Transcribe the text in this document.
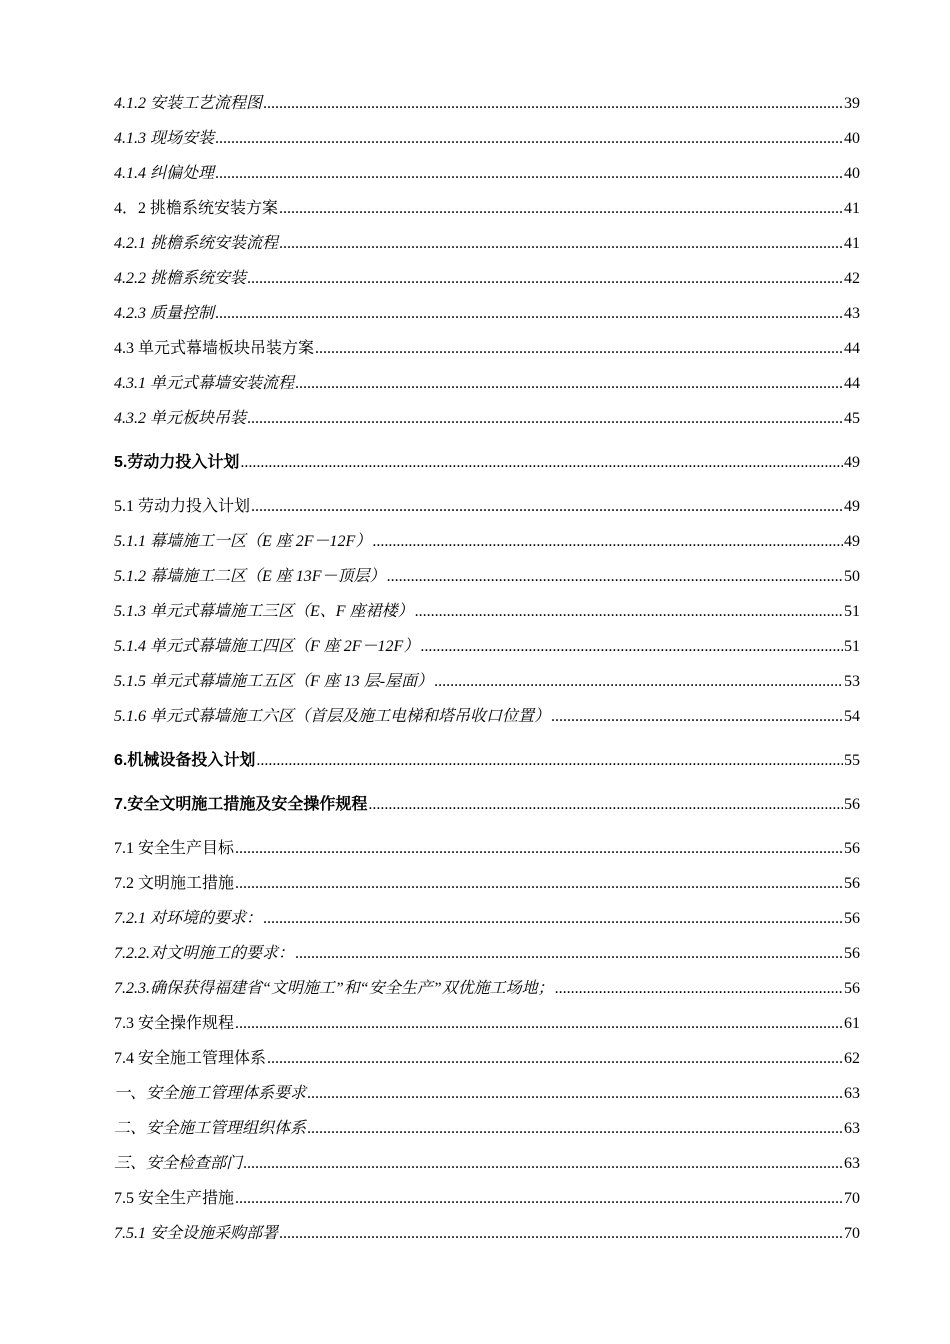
4.1.2 安装工艺流程图 .....	39
4.1.3 现场安装 .....	40
4.1.4 纠偏处理 .....	40
4．2 挑檐系统安装方案 .....	41
4.2.1 挑檐系统安装流程 .....	41
4.2.2 挑檐系统安装 .....	42
4.2.3 质量控制 .....	43
4.3 单元式幕墙板块吊装方案 .....	44
4.3.1 单元式幕墙安装流程 .....	44
4.3.2 单元板块吊装 .....	45
5.劳动力投入计划 .....	49
5.1 劳动力投入计划 .....	49
5.1.1 幕墙施工一区（E 座 2F－12F） .....	49
5.1.2 幕墙施工二区（E 座 13F－顶层） .....	50
5.1.3 单元式幕墙施工三区（E、F 座裙楼） .....	51
5.1.4 单元式幕墙施工四区（F 座 2F－12F） .....	51
5.1.5 单元式幕墙施工五区（F 座 13 层-屋面） .....	53
5.1.6 单元式幕墙施工六区（首层及施工电梯和塔吊收口位置） .....	54
6.机械设备投入计划 .....	55
7.安全文明施工措施及安全操作规程 .....	56
7.1 安全生产目标 .....	56
7.2 文明施工措施 .....	56
7.2.1 对环境的要求： .....	56
7.2.2.对文明施工的要求： .....	56
7.2.3.确保获得福建省“文明施工”和“安全生产”双优施工场地； .....	56
7.3 安全操作规程 .....	61
7.4 安全施工管理体系 .....	62
一、安全施工管理体系要求 .....	63
二、安全施工管理组织体系 .....	63
三、安全检查部门 .....	63
7.5 安全生产措施 .....	70
7.5.1 安全设施采购部署 .....	70
